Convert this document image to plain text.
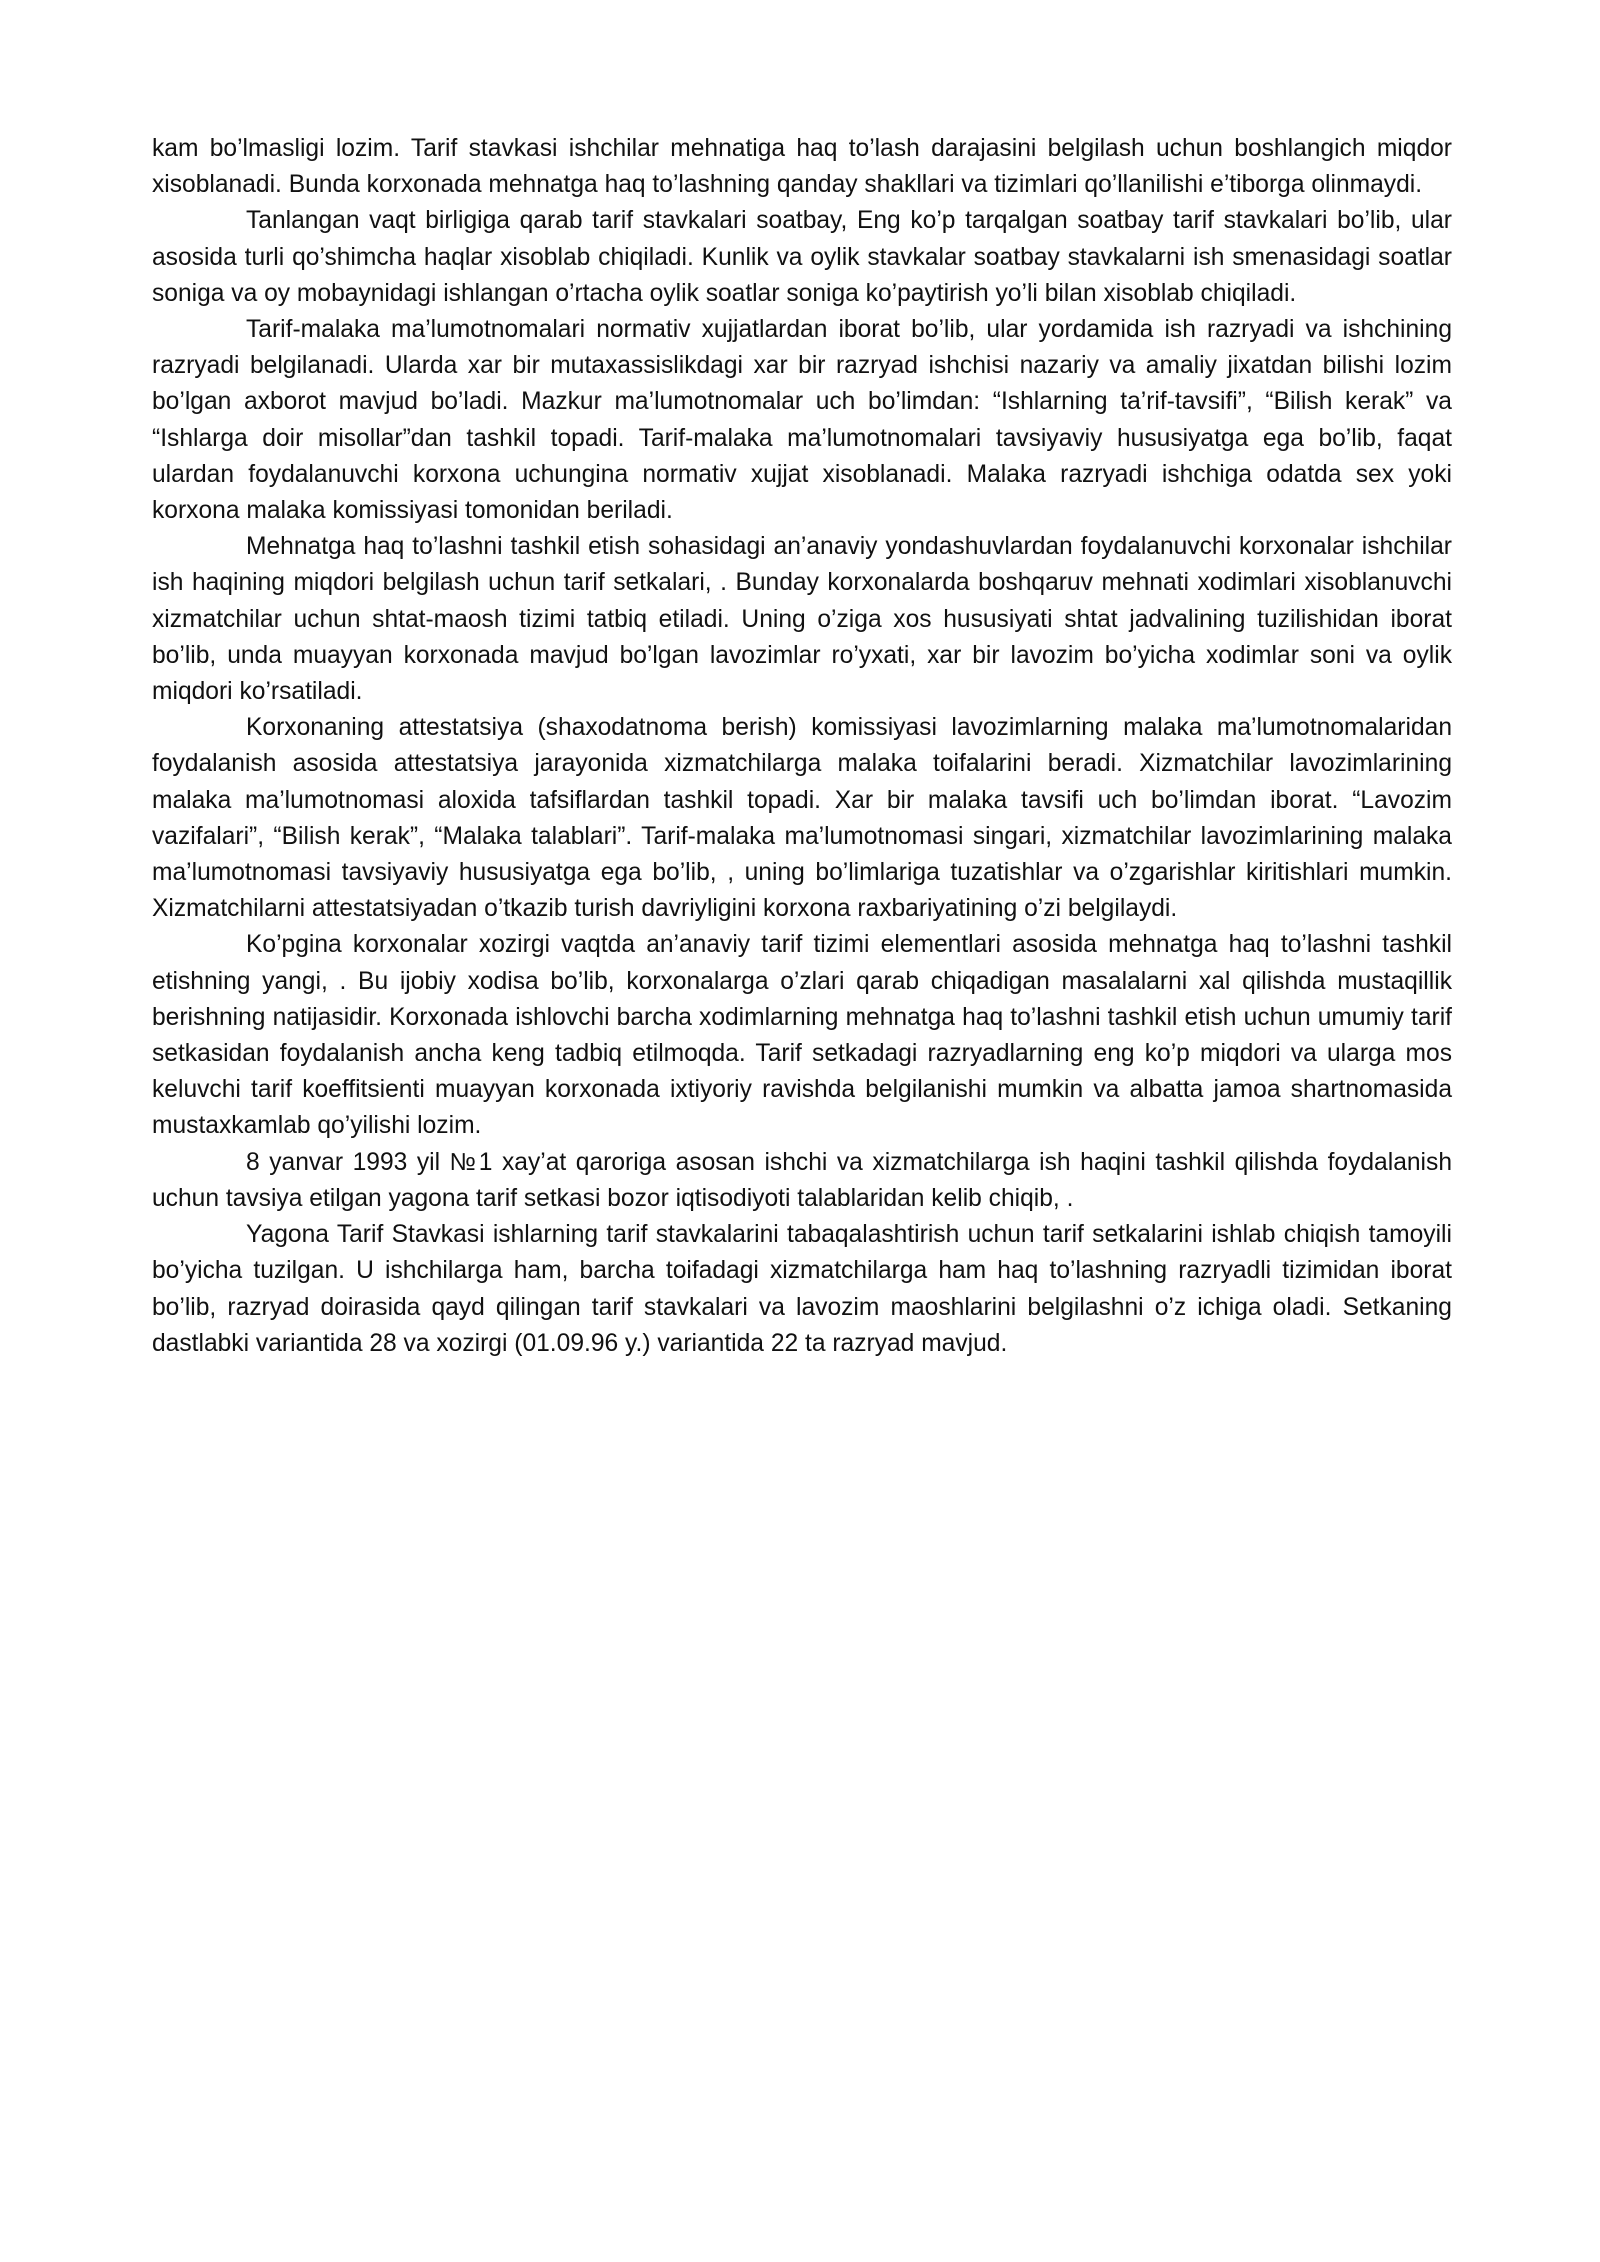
kam bo’lmasligi lozim. Tarif stavkasi ishchilar mehnatiga haq to’lash darajasini belgilash uchun boshlangich miqdor xisoblanadi. Bunda korxonada mehnatga haq to’lashning qanday shakllari va tizimlari qo’llanilishi e’tiborga olinmaydi.

Tanlangan vaqt birligiga qarab tarif stavkalari soatbay, Eng ko’p tarqalgan soatbay tarif stavkalari bo’lib, ular asosida turli qo’shimcha haqlar xisoblab chiqiladi. Kunlik va oylik stavkalar soatbay stavkalarni ish smenasidagi soatlar soniga va oy mobaynidagi ishlangan o’rtacha oylik soatlar soniga ko’paytirish yo’li bilan xisoblab chiqiladi.

Tarif-malaka ma’lumotnomalari normativ xujjatlardan iborat bo’lib, ular yordamida ish razryadi va ishchining razryadi belgilanadi. Ularda xar bir mutaxassislikdagi xar bir razryad ishchisi nazariy va amaliy jixatdan bilishi lozim bo’lgan axborot mavjud bo’ladi. Mazkur ma’lumotnomalar uch bo’limdan: “Ishlarning ta’rif-tavsifi”, “Bilish kerak” va “Ishlarga doir misollar”dan tashkil topadi. Tarif-malaka ma’lumotnomalari tavsiyaviy hususiyatga ega bo’lib, faqat ulardan foydalanuvchi korxona uchungina normativ xujjat xisoblanadi. Malaka razryadi ishchiga odatda sex yoki korxona malaka komissiyasi tomonidan beriladi.

Mehnatga haq to’lashni tashkil etish sohasidagi an’anaviy yondashuvlardan foydalanuvchi korxonalar ishchilar ish haqining miqdori belgilash uchun tarif setkalari, . Bunday korxonalarda boshqaruv mehnati xodimlari xisoblanuvchi xizmatchilar uchun shtat-maosh tizimi tatbiq etiladi. Uning o’ziga xos hususiyati shtat jadvalining tuzilishidan iborat bo’lib, unda muayyan korxonada mavjud bo’lgan lavozimlar ro’yxati, xar bir lavozim bo’yicha xodimlar soni va oylik miqdori ko’rsatiladi.

Korxonaning attestatsiya (shaxodatnoma berish) komissiyasi lavozimlarning malaka ma’lumotnomalaridan foydalanish asosida attestatsiya jarayonida xizmatchilarga malaka toifalarini beradi. Xizmatchilar lavozimlarining malaka ma’lumotnomasi aloxida tafsiflardan tashkil topadi. Xar bir malaka tavsifi uch bo’limdan iborat. “Lavozim vazifalari”, “Bilish kerak”, “Malaka talablari”. Tarif-malaka ma’lumotnomasi singari, xizmatchilar lavozimlarining malaka ma’lumotnomasi tavsiyaviy hususiyatga ega bo’lib, , uning bo’limlariga tuzatishlar va o’zgarishlar kiritishlari mumkin. Xizmatchilarni attestatsiyadan o’tkazib turish davriyligini korxona raxbariyatining o’zi belgilaydi.

Ko’pgina korxonalar xozirgi vaqtda an’anaviy tarif tizimi elementlari asosida mehnatga haq to’lashni tashkil etishning yangi, . Bu ijobiy xodisa bo’lib, korxonalarga o’zlari qarab chiqadigan masalalarni xal qilishda mustaqillik berishning natijasidir. Korxonada ishlovchi barcha xodimlarning mehnatga haq to’lashni tashkil etish uchun umumiy tarif setkasidan foydalanish ancha keng tadbiq etilmoqda. Tarif setkadagi razryadlarning eng ko’p miqdori va ularga mos keluvchi tarif koeffitsienti muayyan korxonada ixtiyoriy ravishda belgilanishi mumkin va albatta jamoa shartnomasida mustaxkamlab qo’yilishi lozim.

8 yanvar 1993 yil №1 xay’at qaroriga asosan ishchi va xizmatchilarga ish haqini tashkil qilishda foydalanish uchun tavsiya etilgan yagona tarif setkasi bozor iqtisodiyoti talablaridan kelib chiqib, .

Yagona Tarif Stavkasi ishlarning tarif stavkalarini tabaqalashtirish uchun tarif setkalarini ishlab chiqish tamoyili bo’yicha tuzilgan. U ishchilarga ham, barcha toifadagi xizmatchilarga ham haq to’lashning razryadli tizimidan iborat bo’lib, razryad doirasida qayd qilingan tarif stavkalari va lavozim maoshlarini belgilashni o’z ichiga oladi. Setkaning dastlabki variantida 28 va xozirgi (01.09.96 y.) variantida 22 ta razryad mavjud.
